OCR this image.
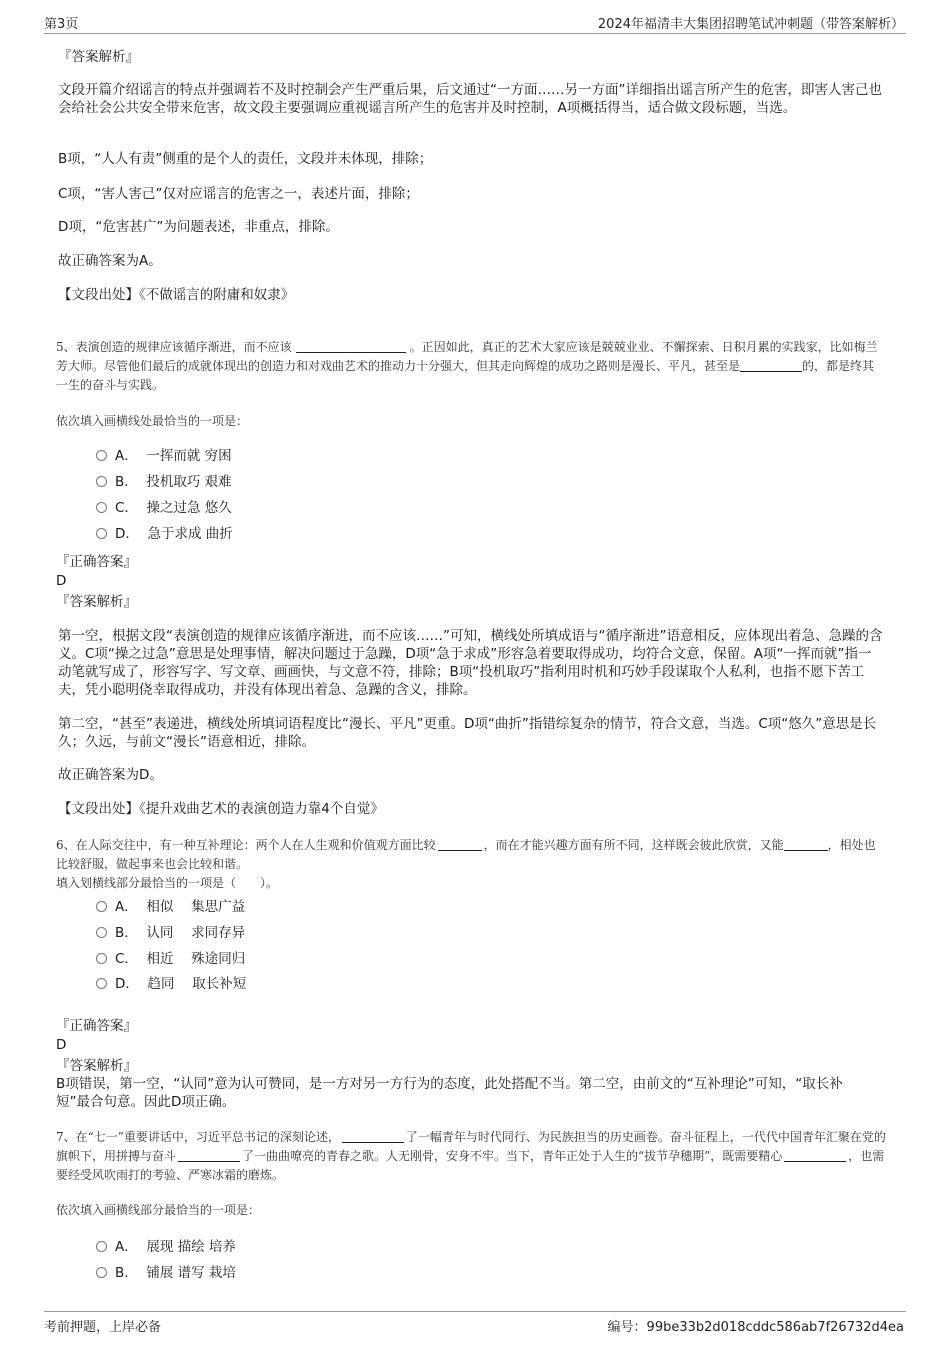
第3页	2024年福清丰大集团招聘笔试冲刺题（带答案解析）
『答案解析』
文段开篇介绍谣言的特点并强调若不及时控制会产生严重后果，后文通过“一方面……另一方面”详细指出谣言所产生的危害，即害人害己也会给社会公共安全带来危害，故文段主要强调应重视谣言所产生的危害并及时控制，A项概括得当，适合做文段标题，当选。
B项，“人人有责”侧重的是个人的责任，文段并未体现，排除；
C项，“害人害己”仅对应谣言的危害之一，表述片面，排除；
D项，“危害甚广”为问题表述，非重点，排除。
故正确答案为A。
【文段出处】《不做谣言的附庸和奴隶》
5、表演创造的规律应该循序渐进，而不应该	。正因如此，真正的艺术大家应该是兢兢业业、不懈探索、日积月累的实践家，比如梅兰芳大师。尽管他们最后的成就体现出的创造力和对戏曲艺术的推动力十分强大，但其走向辉煌的成功之路则是漫长、平凡，甚至是	的，都是终其一生的奋斗与实践。
依次填入画横线处最恰当的一项是：
A．  一挥而就 穷困
B．  投机取巧 艰难
C．  操之过急 悠久
D．  急于求成 曲折
『正确答案』
D
『答案解析』
第一空，根据文段“表演创造的规律应该循序渐进，而不应该……”可知，横线处所填成语与“循序渐进”语意相反，应体现出着急、急躁的含义。C项“操之过急”意思是处理事情，解决问题过于急躁，D项“急于求成”形容急着要取得成功，均符合文意，保留。A项“一挥而就”指一动笔就写成了，形容写字、写文章、画画快，与文意不符，排除；B项“投机取巧”指利用时机和巧妙手段谋取个人私利，也指不愿下苦工夫，凭小聪明侥幸取得成功，并没有体现出着急、急躁的含义，排除。
第二空，“甚至”表递进，横线处所填词语程度比“漫长、平凡”更重。D项“曲折”指错综复杂的情节，符合文意，当选。C项“悠久”意思是长久；久远，与前文“漫长”语意相近，排除。
故正确答案为D。
【文段出处】《提升戏曲艺术的表演创造力靠4个自觉》
6、在人际交往中，有一种互补理论：两个人在人生观和价值观方面比较	，而在才能兴趣方面有所不同，这样既会彼此欣赏，又能	，相处也比较舒服，做起事来也会比较和谐。
填入划横线部分最恰当的一项是（　　）。
A．  相似　 集思广益
B．  认同　 求同存异
C．  相近　 殊途同归
D．  趋同　 取长补短
『正确答案』
D
『答案解析』
B项错误，第一空，“认同”意为认可赞同，是一方对另一方行为的态度，此处搭配不当。第二空，由前文的“互补理论”可知，“取长补短”最合句意。因此D项正确。
7、在“七一”重要讲话中，习近平总书记的深刻论述，	了一幅青年与时代同行、为民族担当的历史画卷。奋斗征程上，一代代中国青年汇聚在党的旗帜下，用拼搏与奋斗	了一曲曲嘹亮的青春之歌。人无刚骨，安身不牢。当下，青年正处于人生的“拔节孕穗期”，既需要精心	，也需要经受风吹雨打的考验、严寒冰霜的磨炼。
依次填入画横线部分最恰当的一项是：
A．  展现 描绘 培养
B．  铺展 谱写 栽培
考前押题，上岸必备	编号：99be33b2d018cddc586ab7f26732d4ea
